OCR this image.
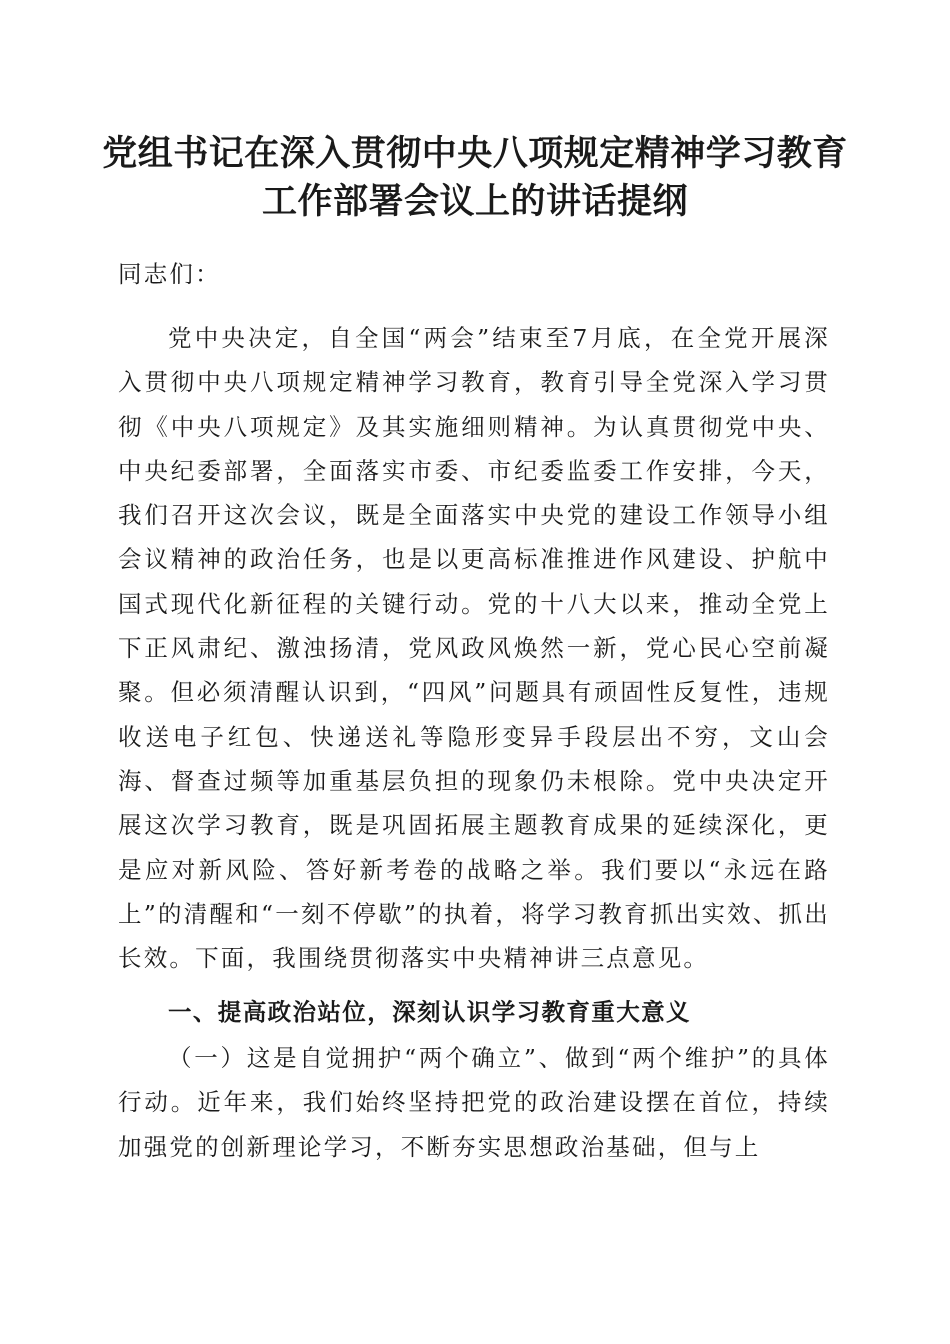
党组书记在深入贯彻中央八项规定精神学习教育工作部署会议上的讲话提纲

同志们：

党中央决定，自全国“两会”结束至7月底，在全党开展深入贯彻中央八项规定精神学习教育，教育引导全党深入学习贯彻《中央八项规定》及其实施细则精神。为认真贯彻党中央、中央纪委部署，全面落实市委、市纪委监委工作安排，今天，我们召开这次会议，既是全面落实中央党的建设工作领导小组会议精神的政治任务，也是以更高标准推进作风建设、护航中国式现代化新征程的关键行动。党的十八大以来，推动全党上下正风肃纪、激浊扬清，党风政风焕然一新，党心民心空前凝聚。但必须清醒认识到，“四风”问题具有顽固性反复性，违规收送电子红包、快递送礼等隐形变异手段层出不穷，文山会海、督查过频等加重基层负担的现象仍未根除。党中央决定开展这次学习教育，既是巩固拓展主题教育成果的延续深化，更是应对新风险、答好新考卷的战略之举。我们要以“永远在路上”的清醒和“一刻不停歇”的执着，将学习教育抓出实效、抓出长效。下面，我围绕贯彻落实中央精神讲三点意见。

一、提高政治站位，深刻认识学习教育重大意义

（一）这是自觉拥护“两个确立”、做到“两个维护”的具体行动。近年来，我们始终坚持把党的政治建设摆在首位，持续加强党的创新理论学习，不断夯实思想政治基础，但与上
